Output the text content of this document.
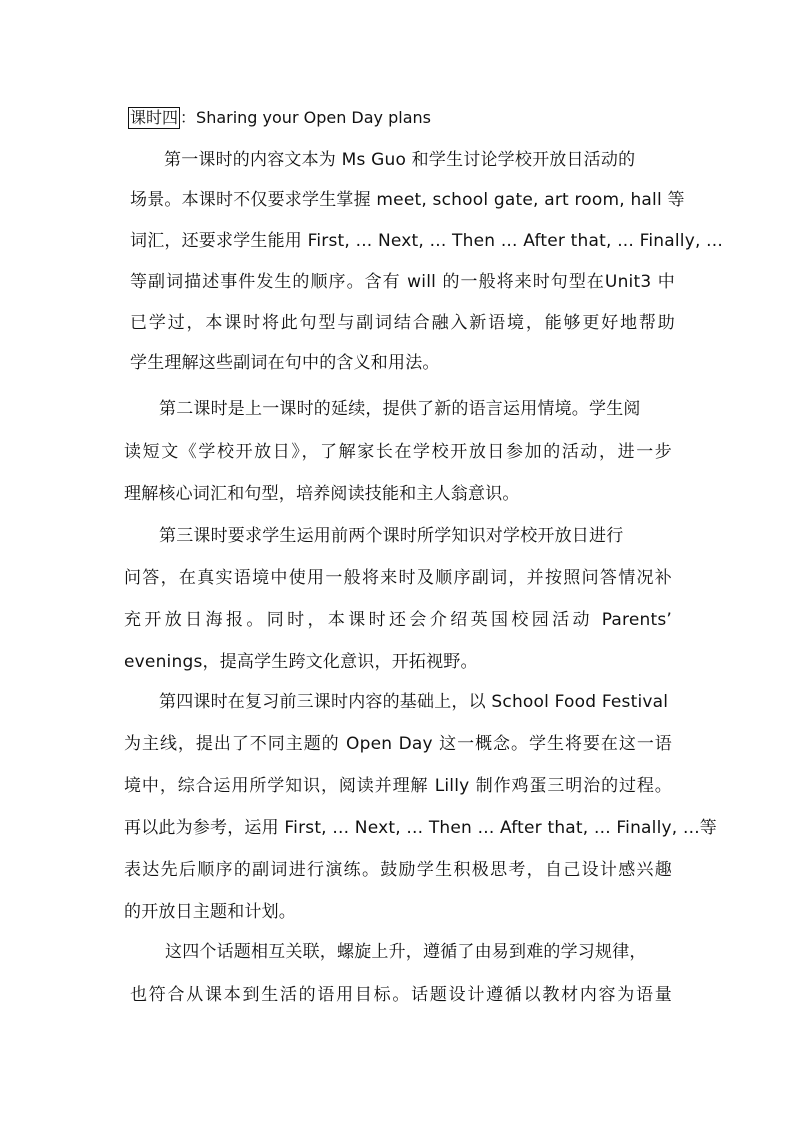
课时四 ：Sharing your Open Day plans
第一课时的内容文本为 Ms Guo 和学生讨论学校开放日活动的
场景。本课时不仅要求学生掌握 meet, school gate, art room, hall 等
词汇，还要求学生能用 First, ... Next, ... Then ... After that, ... Finally, ...
等副词描述事件发生的顺序。含有 will 的一般将来时句型在Unit3 中
已学过，本课时将此句型与副词结合融入新语境，能够更好地帮助
学生理解这些副词在句中的含义和用法。
第二课时是上一课时的延续，提供了新的语言运用情境。学生阅
读短文《学校开放日》，了解家长在学校开放日参加的活动，进一步
理解核心词汇和句型，培养阅读技能和主人翁意识。
第三课时要求学生运用前两个课时所学知识对学校开放日进行
问答，在真实语境中使用一般将来时及顺序副词，并按照问答情况补
充开放日海报。同时，本课时还会介绍英国校园活动 Parents’
evenings，提高学生跨文化意识，开拓视野。
第四课时在复习前三课时内容的基础上，以 School Food Festival
为主线，提出了不同主题的 Open Day 这一概念。学生将要在这一语
境中，综合运用所学知识，阅读并理解 Lilly 制作鸡蛋三明治的过程。
再以此为参考，运用 First, ... Next, ... Then ... After that, ... Finally, ...等
表达先后顺序的副词进行演练。鼓励学生积极思考，自己设计感兴趣
的开放日主题和计划。
这四个话题相互关联，螺旋上升，遵循了由易到难的学习规律，
也符合从课本到生活的语用目标。话题设计遵循以教材内容为语量
